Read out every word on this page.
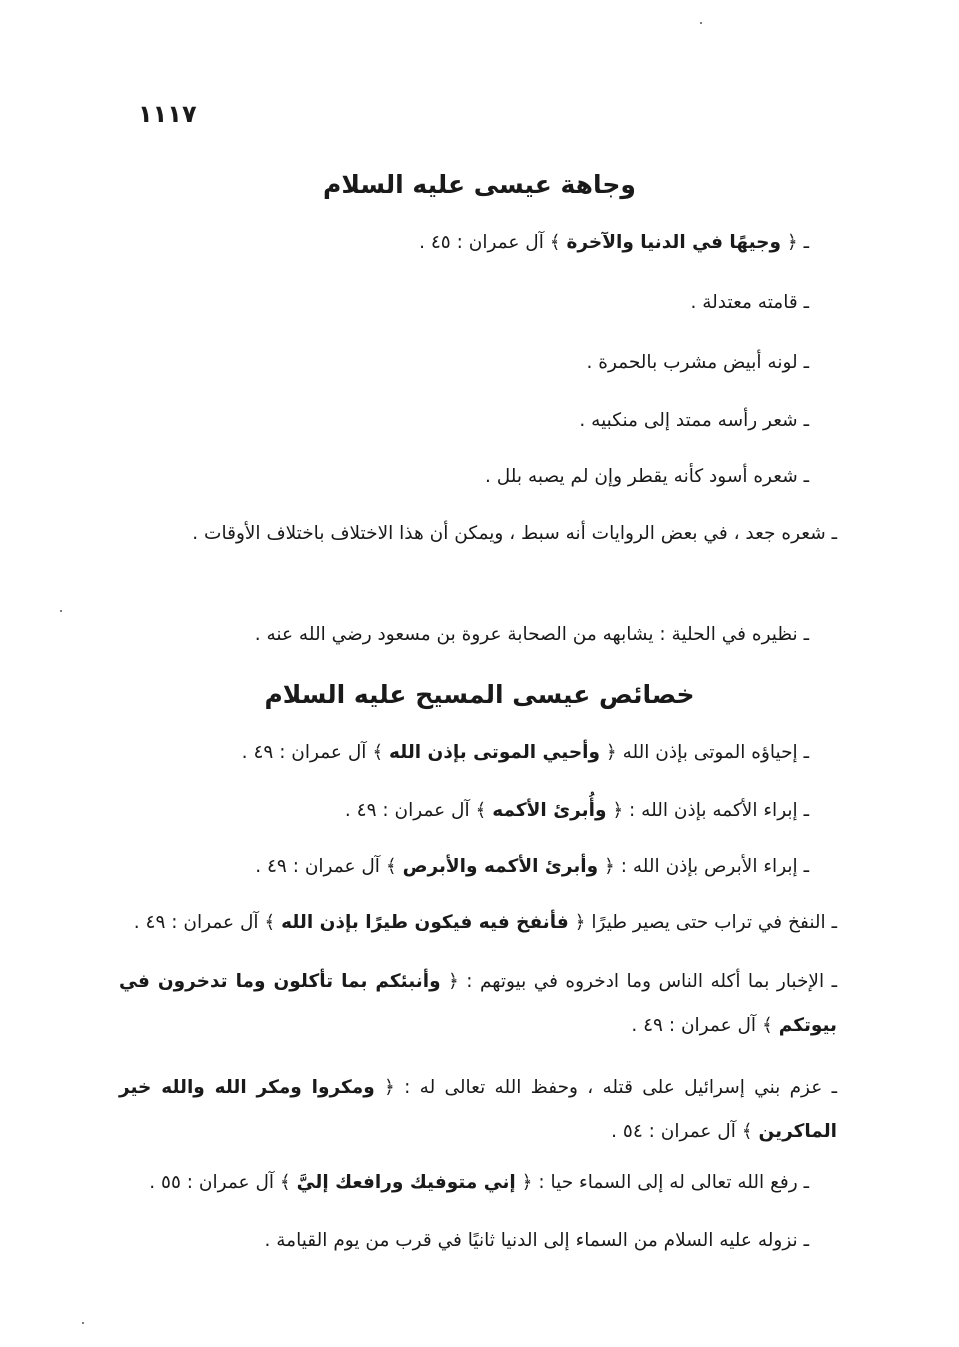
١١١٧
وجاهة عيسى عليه السلام
ـ ﴿ وجيهًا في الدنيا والآخرة ﴾ آل عمران : ٤٥ .
ـ قامته معتدلة .
ـ لونه أبيض مشرب بالحمرة .
ـ شعر رأسه ممتد إلى منكبيه .
ـ شعره أسود كأنه يقطر وإن لم يصبه بلل .
ـ شعره جعد ، في بعض الروايات أنه سبط ، ويمكن أن هذا الاختلاف باختلاف الأوقات .
ـ نظيره في الحلية : يشابهه من الصحابة عروة بن مسعود رضي الله عنه .
خصائص عيسى المسيح عليه السلام
ـ إحياؤه الموتى بإذن الله ﴿ وأحيي الموتى بإذن الله ﴾ آل عمران : ٤٩ .
ـ إبراء الأكمه بإذن الله : ﴿ وأُبرئ الأكمه ﴾ آل عمران : ٤٩ .
ـ إبراء الأبرص بإذن الله : ﴿ وأبرئ الأكمه والأبرص ﴾ آل عمران : ٤٩ .
ـ النفخ في تراب حتى يصير طيرًا ﴿ فأنفخ فيه فيكون طيرًا بإذن الله ﴾ آل عمران : ٤٩ .
ـ الإخبار بما أكله الناس وما ادخروه في بيوتهم : ﴿ وأنبئكم بما تأكلون وما تدخرون في بيوتكم ﴾ آل عمران : ٤٩ .
ـ عزم بني إسرائيل على قتله ، وحفظ الله تعالى له : ﴿ ومكروا ومكر الله والله خير الماكرين ﴾ آل عمران : ٥٤ .
ـ رفع الله تعالى له إلى السماء حيا : ﴿ إني متوفيك ورافعك إليَّ ﴾ آل عمران : ٥٥ .
ـ نزوله عليه السلام من السماء إلى الدنيا ثانيًا في قرب من يوم القيامة .
